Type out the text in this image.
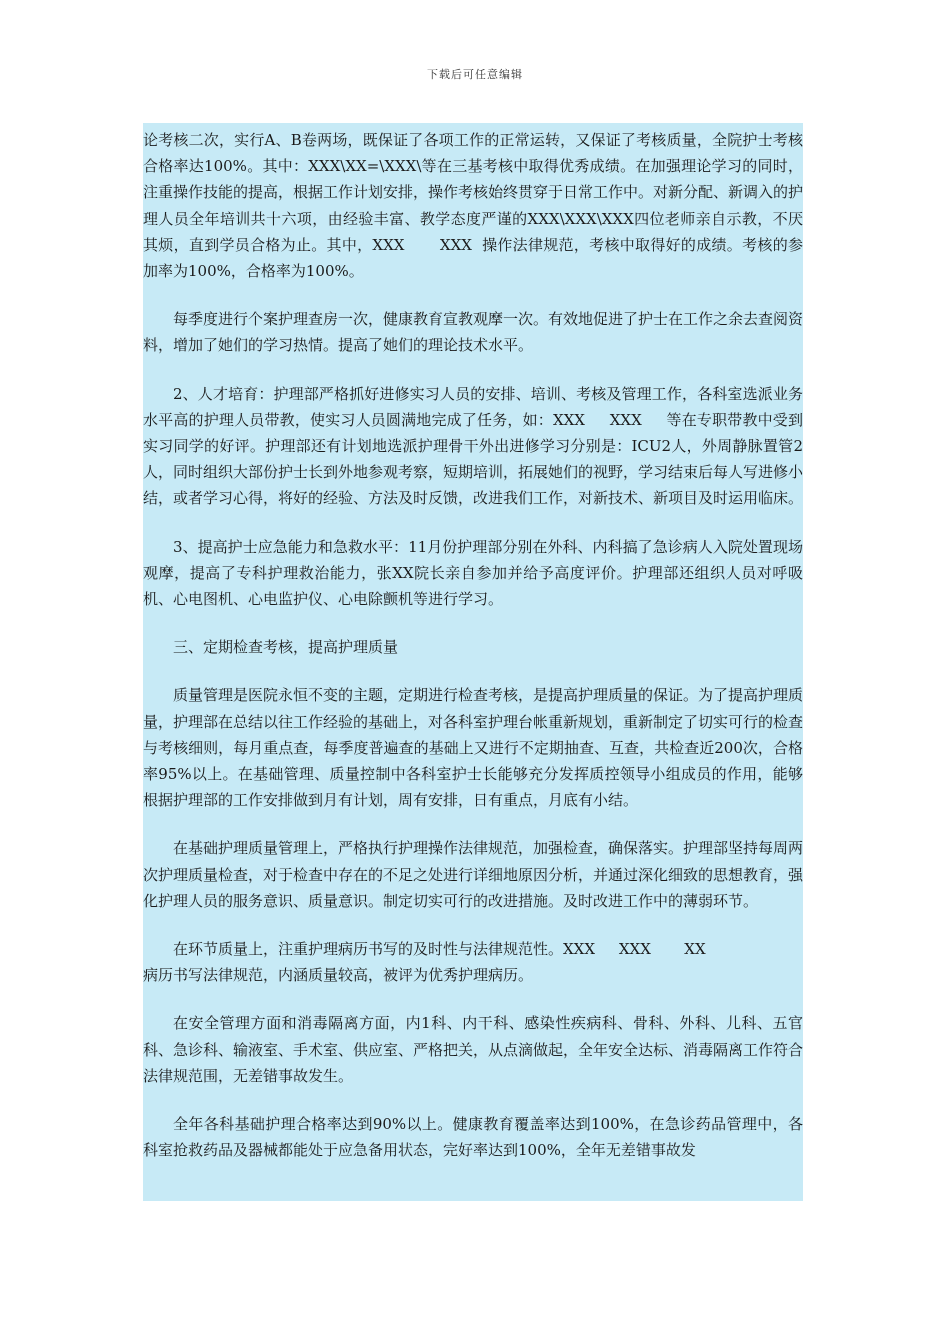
下载后可任意编辑

论考核二次，实行A、B卷两场，既保证了各项工作的正常运转，又保证了考核质量，全院护士考核合格率达100%。其中：XXX\XX=\XXX\等在三基考核中取得优秀成绩。在加强理论学习的同时，注重操作技能的提高，根据工作计划安排，操作考核始终贯穿于日常工作中。对新分配、新调入的护理人员全年培训共十六项，由经验丰富、教学态度严谨的XXX\XXX\XXX四位老师亲自示教，不厌其烦，直到学员合格为止。其中，XXX       XXX  操作法律规范，考核中取得好的成绩。考核的参加率为100%，合格率为100%。

每季度进行个案护理查房一次，健康教育宣教观摩一次。有效地促进了护士在工作之余去查阅资料，增加了她们的学习热情。提高了她们的理论技术水平。

2、人才培育：护理部严格抓好进修实习人员的安排、培训、考核及管理工作，各科室选派业务水平高的护理人员带教，使实习人员圆满地完成了任务，如：XXX     XXX     等在专职带教中受到实习同学的好评。护理部还有计划地选派护理骨干外出进修学习分别是：ICU2人，外周静脉置管2人，同时组织大部份护士长到外地参观考察，短期培训，拓展她们的视野，学习结束后每人写进修小结，或者学习心得，将好的经验、方法及时反馈，改进我们工作，对新技术、新项目及时运用临床。

3、提高护士应急能力和急救水平：11月份护理部分别在外科、内科搞了急诊病人入院处置现场观摩，提高了专科护理救治能力，张XX院长亲自参加并给予高度评价。护理部还组织人员对呼吸机、心电图机、心电监护仪、心电除颤机等进行学习。

三、定期检查考核，提高护理质量

质量管理是医院永恒不变的主题，定期进行检查考核，是提高护理质量的保证。为了提高护理质量，护理部在总结以往工作经验的基础上，对各科室护理台帐重新规划，重新制定了切实可行的检查与考核细则，每月重点查，每季度普遍查的基础上又进行不定期抽查、互查，共检查近200次，合格率95%以上。在基础管理、质量控制中各科室护士长能够充分发挥质控领导小组成员的作用，能够根据护理部的工作安排做到月有计划，周有安排，日有重点，月底有小结。

在基础护理质量管理上，严格执行护理操作法律规范，加强检查，确保落实。护理部坚持每周两次护理质量检查，对于检查中存在的不足之处进行详细地原因分析，并通过深化细致的思想教育，强化护理人员的服务意识、质量意识。制定切实可行的改进措施。及时改进工作中的薄弱环节。

在环节质量上，注重护理病历书写的及时性与法律规范性。XXX     XXX       XX
病历书写法律规范，内涵质量较高，被评为优秀护理病历。

在安全管理方面和消毒隔离方面，内1科、内干科、感染性疾病科、骨科、外科、儿科、五官科、急诊科、输液室、手术室、供应室、严格把关，从点滴做起，全年安全达标、消毒隔离工作符合法律规范围，无差错事故发生。

全年各科基础护理合格率达到90%以上。健康教育覆盖率达到100%，在急诊药品管理中，各科室抢救药品及器械都能处于应急备用状态，完好率达到100%，全年无差错事故发
